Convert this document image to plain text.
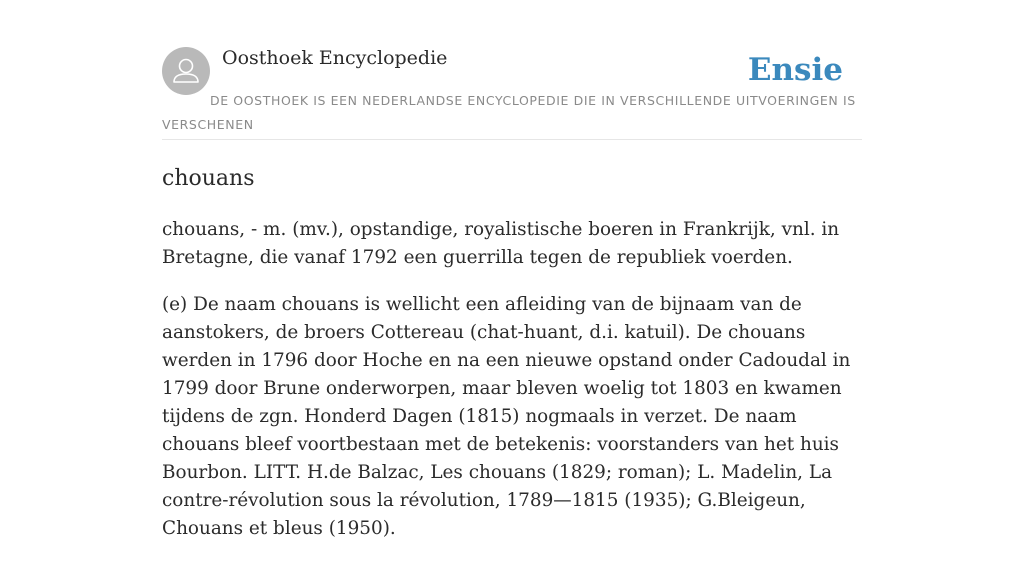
Oosthoek Encyclopedie	Ensie
DE OOSTHOEK IS EEN NEDERLANDSE ENCYCLOPEDIE DIE IN VERSCHILLENDE UITVOERINGEN IS VERSCHENEN
chouans

chouans, - m. (mv.), opstandige, royalistische boeren in Frankrijk, vnl. in Bretagne, die vanaf 1792 een guerrilla tegen de republiek voerden.

(e) De naam chouans is wellicht een afleiding van de bijnaam van de aanstokers, de broers Cottereau (chat-huant, d.i. katuil). De chouans werden in 1796 door Hoche en na een nieuwe opstand onder Cadoudal in 1799 door Brune onderworpen, maar bleven woelig tot 1803 en kwamen tijdens de zgn. Honderd Dagen (1815) nogmaals in verzet. De naam chouans bleef voortbestaan met de betekenis: voorstanders van het huis Bourbon. LITT. H.de Balzac, Les chouans (1829; roman); L. Madelin, La contre-révolution sous la révolution, 1789—1815 (1935); G.Bleigeun, Chouans et bleus (1950).
